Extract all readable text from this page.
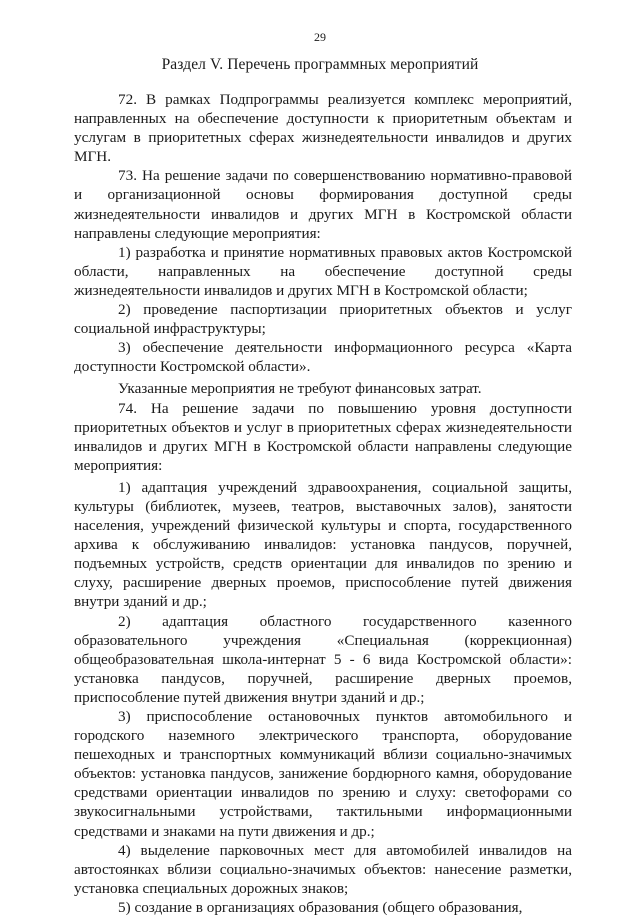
29
Раздел V. Перечень программных мероприятий

72. В рамках Подпрограммы реализуется комплекс мероприятий, направленных на обеспечение доступности к приоритетным объектам и услугам в приоритетных сферах жизнедеятельности инвалидов и других МГН.

73. На решение задачи по совершенствованию нормативно-правовой и организационной основы формирования доступной среды жизнедеятельности инвалидов и других МГН в Костромской области направлены следующие мероприятия:

1) разработка и принятие нормативных правовых актов Костромской области, направленных на обеспечение доступной среды жизнедеятельности инвалидов и других МГН в Костромской области;

2) проведение паспортизации приоритетных объектов и услуг социальной инфраструктуры;

3) обеспечение деятельности информационного ресурса «Карта доступности Костромской области».

Указанные мероприятия не требуют финансовых затрат.

74. На решение задачи по повышению уровня доступности приоритетных объектов и услуг в приоритетных сферах жизнедеятельности инвалидов и других МГН в Костромской области направлены следующие мероприятия:

1) адаптация учреждений здравоохранения, социальной защиты, культуры (библиотек, музеев, театров, выставочных залов), занятости населения, учреждений физической культуры и спорта, государственного архива к обслуживанию инвалидов: установка пандусов, поручней, подъемных устройств, средств ориентации для инвалидов по зрению и слуху, расширение дверных проемов, приспособление путей движения внутри зданий и др.;

2) адаптация областного государственного казенного образовательного учреждения «Специальная (коррекционная) общеобразовательная школа-интернат 5 - 6 вида Костромской области»: установка пандусов, поручней, расширение дверных проемов, приспособление путей движения внутри зданий и др.;

3) приспособление остановочных пунктов автомобильного и городского наземного электрического транспорта, оборудование пешеходных и транспортных коммуникаций вблизи социально-значимых объектов: установка пандусов, занижение бордюрного камня, оборудование средствами ориентации инвалидов по зрению и слуху: светофорами со звукосигнальными устройствами, тактильными информационными средствами и знаками на пути движения и др.;

4) выделение парковочных мест для автомобилей инвалидов на автостоянках вблизи социально-значимых объектов: нанесение разметки, установка специальных дорожных знаков;

5) создание в организациях образования (общего образования,
